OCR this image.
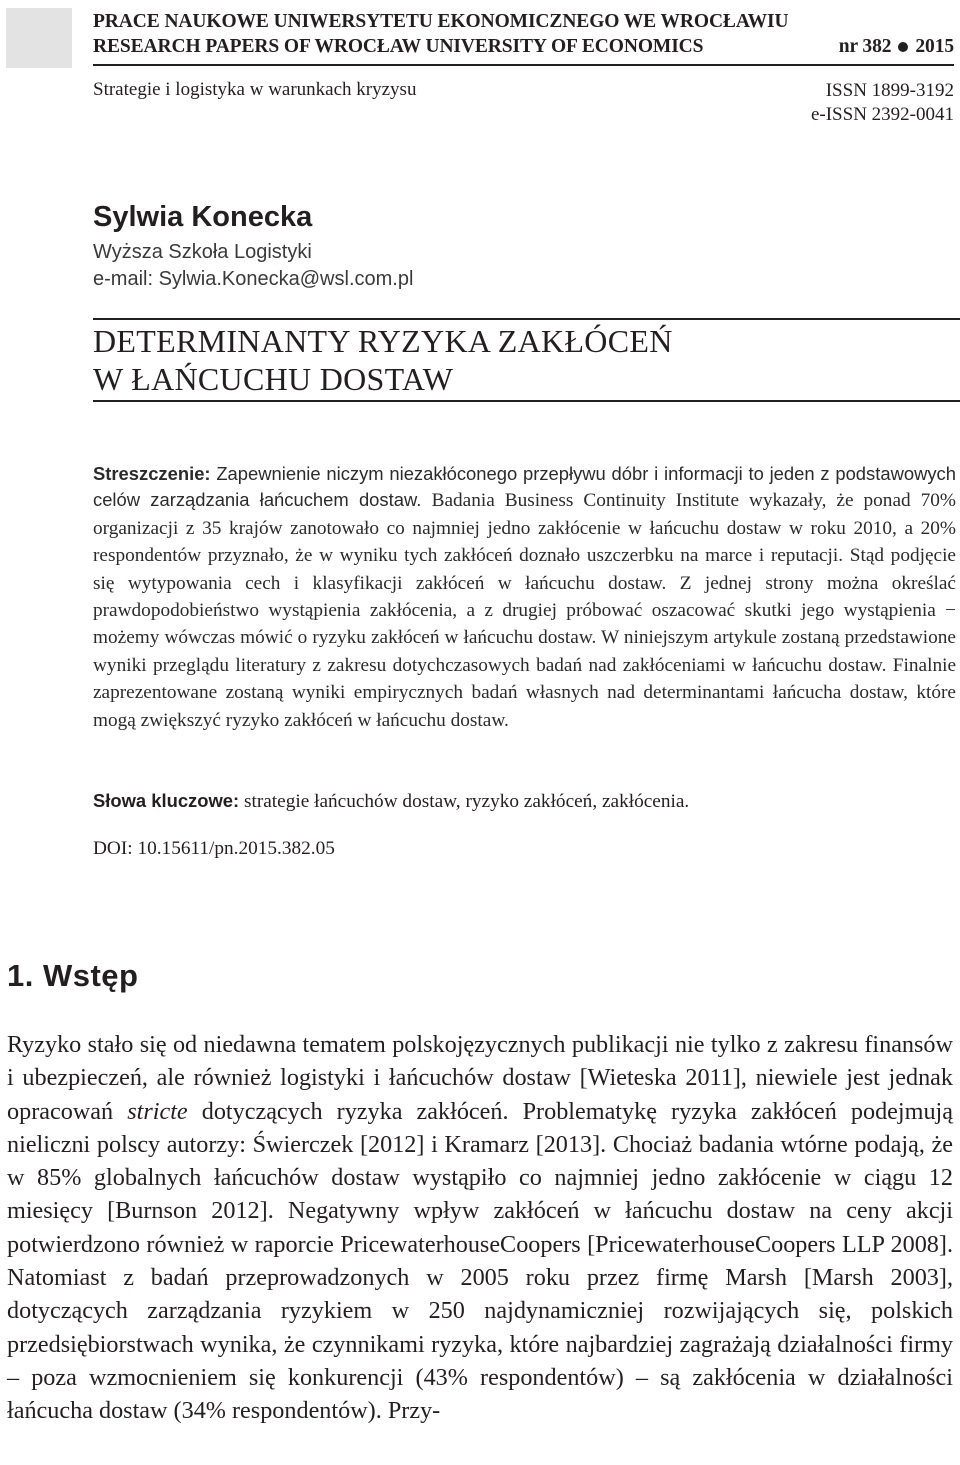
PRACE NAUKOWE UNIWERSYTETU EKONOMICZNEGO WE WROCŁAWIU
RESEARCH PAPERS OF WROCŁAW UNIVERSITY OF ECONOMICS	nr 382 2015
Strategie i logistyka w warunkach kryzysu	ISSN 1899-3192
e-ISSN 2392-0041
Sylwia Konecka
Wyższa Szkoła Logistyki
e-mail: Sylwia.Konecka@wsl.com.pl
DETERMINANTY RYZYKA ZAKŁÓCEŃ
W ŁAŃCUCHU DOSTAW
Streszczenie: Zapewnienie niczym niezakłóconego przepływu dóbr i informacji to jeden z podstawowych celów zarządzania łańcuchem dostaw. Badania Business Continuity Institute wykazały, że ponad 70% organizacji z 35 krajów zanotowało co najmniej jedno zakłócenie w łańcuchu dostaw w roku 2010, a 20% respondentów przyznało, że w wyniku tych zakłóceń doznało uszczerbku na marce i reputacji. Stąd podjęcie się wytypowania cech i klasyfikacji zakłóceń w łańcuchu dostaw. Z jednej strony można określać prawdopodobieństwo wystąpienia zakłócenia, a z drugiej próbować oszacować skutki jego wystąpienia − możemy wówczas mówić o ryzyku zakłóceń w łańcuchu dostaw. W niniejszym artykule zostaną przedstawione wyniki przeglądu literatury z zakresu dotychczasowych badań nad zakłóceniami w łańcuchu dostaw. Finalnie zaprezentowane zostaną wyniki empirycznych badań własnych nad determinantami łańcucha dostaw, które mogą zwiększyć ryzyko zakłóceń w łańcuchu dostaw.
Słowa kluczowe: strategie łańcuchów dostaw, ryzyko zakłóceń, zakłócenia.
DOI: 10.15611/pn.2015.382.05
1. Wstęp
Ryzyko stało się od niedawna tematem polskojęzycznych publikacji nie tylko z zakresu finansów i ubezpieczeń, ale również logistyki i łańcuchów dostaw [Wieteska 2011], niewiele jest jednak opracowań stricte dotyczących ryzyka zakłóceń. Problematykę ryzyka zakłóceń podejmują nieliczni polscy autorzy: Świerczek [2012] i Kramarz [2013]. Chociaż badania wtórne podają, że w 85% globalnych łańcuchów dostaw wystąpiło co najmniej jedno zakłócenie w ciągu 12 miesięcy [Burnson 2012]. Negatywny wpływ zakłóceń w łańcuchu dostaw na ceny akcji potwierdzono również w raporcie PricewaterhouseCoopers [PricewaterhouseCoopers LLP 2008]. Natomiast z badań przeprowadzonych w 2005 roku przez firmę Marsh [Marsh 2003], dotyczących zarządzania ryzykiem w 250 najdynamiczniej rozwijających się, polskich przedsiębiorstwach wynika, że czynnikami ryzyka, które najbardziej zagrażają działalności firmy – poza wzmocnieniem się konkurencji (43% respondentów) – są zakłócenia w działalności łańcucha dostaw (34% respondentów). Przy-
